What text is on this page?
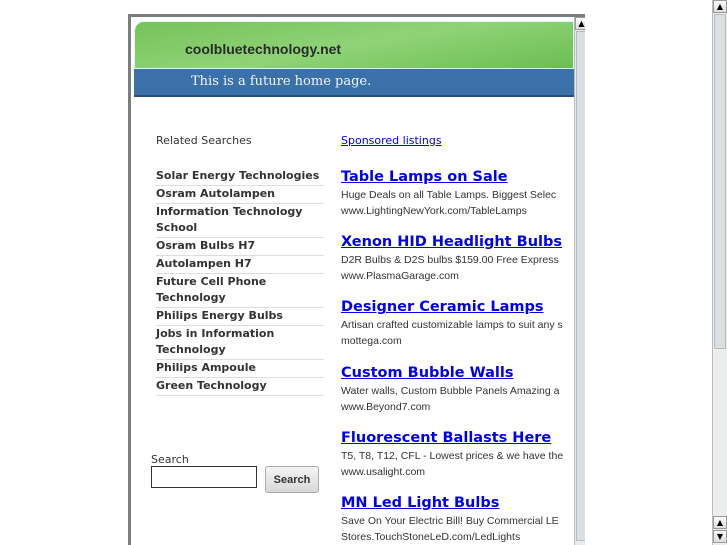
coolbluetechnology.net
This is a future home page.
Related Searches
Solar Energy Technologies
Osram Autolampen
Information Technology School
Osram Bulbs H7
Autolampen H7
Future Cell Phone Technology
Philips Energy Bulbs
Jobs in Information Technology
Philips Ampoule
Green Technology
Sponsored listings
Table Lamps on Sale
Huge Deals on all Table Lamps. Biggest Selec
www.LightingNewYork.com/TableLamps
Xenon HID Headlight Bulbs
D2R Bulbs & D2S bulbs $159.00 Free Express
www.PlasmaGarage.com
Designer Ceramic Lamps
Artisan crafted customizable lamps to suit any s
mottega.com
Custom Bubble Walls
Water walls, Custom Bubble Panels Amazing a
www.Beyond7.com
Fluorescent Ballasts Here
T5, T8, T12, CFL - Lowest prices & we have the
www.usalight.com
MN Led Light Bulbs
Save On Your Electric Bill! Buy Commercial LE
Stores.TouchStoneLeD.com/LedLights
Search
Search
▲
▲
▲
▼
